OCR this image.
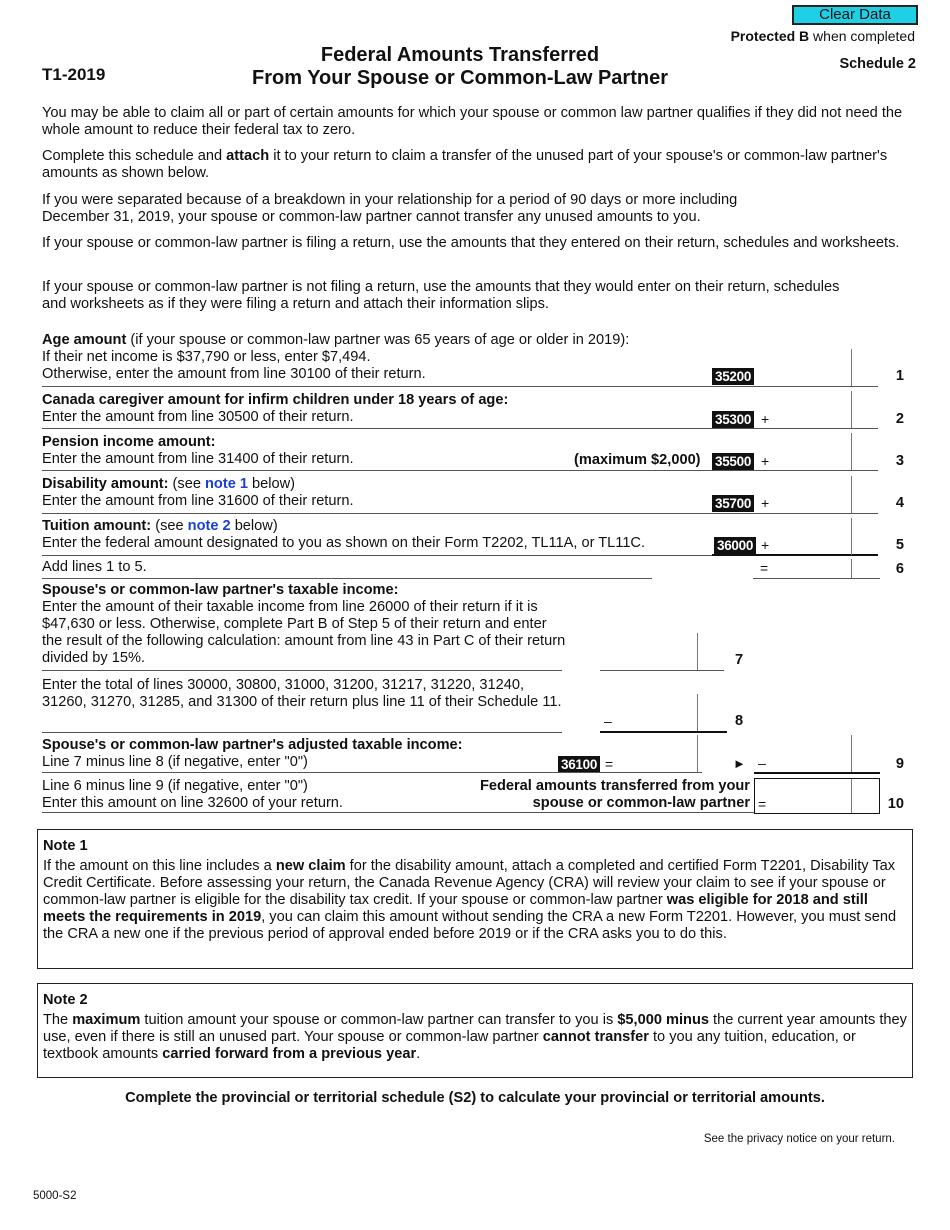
Clear Data
Protected B when completed
Federal Amounts Transferred
From Your Spouse or Common-Law Partner
T1-2019
Schedule 2
You may be able to claim all or part of certain amounts for which your spouse or common law partner qualifies if they did not need the whole amount to reduce their federal tax to zero.
Complete this schedule and attach it to your return to claim a transfer of the unused part of your spouse's or common-law partner's amounts as shown below.
If you were separated because of a breakdown in your relationship for a period of 90 days or more including December 31, 2019, your spouse or common-law partner cannot transfer any unused amounts to you.
If your spouse or common-law partner is filing a return, use the amounts that they entered on their return, schedules and worksheets.
If your spouse or common-law partner is not filing a return, use the amounts that they would enter on their return, schedules and worksheets as if they were filing a return and attach their information slips.
Age amount (if your spouse or common-law partner was 65 years of age or older in 2019):
If their net income is $37,790 or less, enter $7,494.
Otherwise, enter the amount from line 30100 of their return.	35200	1
Canada caregiver amount for infirm children under 18 years of age:
Enter the amount from line 30500 of their return.	35300 +	2
Pension income amount:
Enter the amount from line 31400 of their return.	(maximum $2,000) 35500 +	3
Disability amount: (see note 1 below)
Enter the amount from line 31600 of their return.	35700 +	4
Tuition amount: (see note 2 below)
Enter the federal amount designated to you as shown on their Form T2202, TL11A, or TL11C.	36000 +	5
Add lines 1 to 5.	=	6
Spouse's or common-law partner's taxable income:
Enter the amount of their taxable income from line 26000 of their return if it is $47,630 or less. Otherwise, complete Part B of Step 5 of their return and enter the result of the following calculation: amount from line 43 in Part C of their return divided by 15%.	7
Enter the total of lines 30000, 30800, 31000, 31200, 31217, 31220, 31240, 31260, 31270, 31285, and 31300 of their return plus line 11 of their Schedule 11.
–	8
Spouse's or common-law partner's adjusted taxable income:
Line 7 minus line 8 (if negative, enter "0")	36100 =	► –	9
Line 6 minus line 9 (if negative, enter "0")
Enter this amount on line 32600 of your return.
Federal amounts transferred from your
spouse or common-law partner =	10
Note 1
If the amount on this line includes a new claim for the disability amount, attach a completed and certified Form T2201, Disability Tax Credit Certificate. Before assessing your return, the Canada Revenue Agency (CRA) will review your claim to see if your spouse or common-law partner is eligible for the disability tax credit. If your spouse or common-law partner was eligible for 2018 and still meets the requirements in 2019, you can claim this amount without sending the CRA a new Form T2201. However, you must send the CRA a new one if the previous period of approval ended before 2019 or if the CRA asks you to do this.
Note 2
The maximum tuition amount your spouse or common-law partner can transfer to you is $5,000 minus the current year amounts they use, even if there is still an unused part. Your spouse or common-law partner cannot transfer to you any tuition, education, or textbook amounts carried forward from a previous year.
Complete the provincial or territorial schedule (S2) to calculate your provincial or territorial amounts.
See the privacy notice on your return.
5000-S2
